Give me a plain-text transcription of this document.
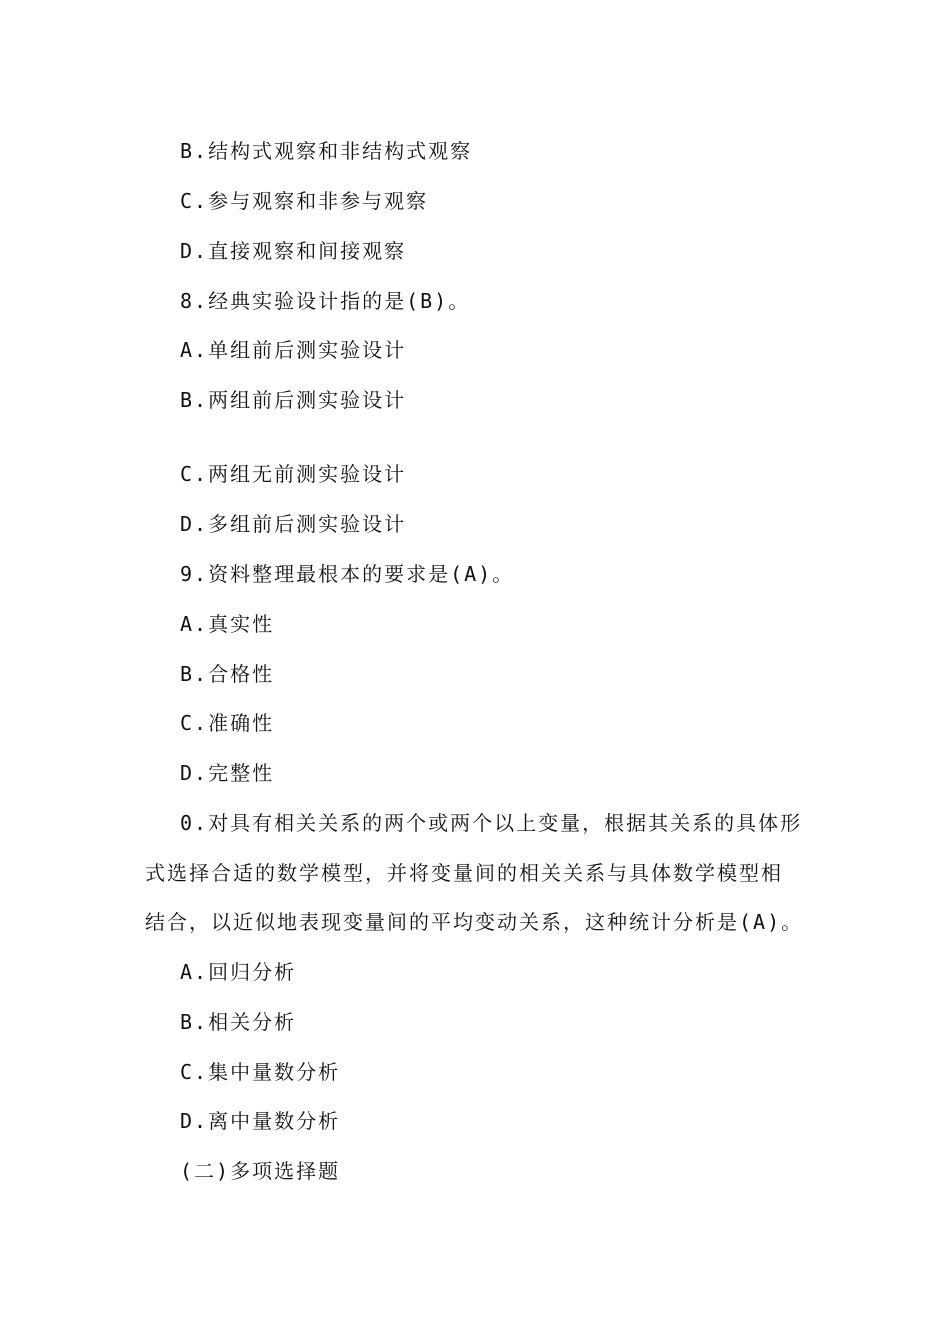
B.结构式观察和非结构式观察
C.参与观察和非参与观察
D.直接观察和间接观察
8.经典实验设计指的是(B)。
A.单组前后测实验设计
B.两组前后测实验设计
C.两组无前测实验设计
D.多组前后测实验设计
9.资料整理最根本的要求是(A)。
A.真实性
B.合格性
C.准确性
D.完整性
0.对具有相关关系的两个或两个以上变量，根据其关系的具体形
式选择合适的数学模型，并将变量间的相关关系与具体数学模型相
结合，以近似地表现变量间的平均变动关系，这种统计分析是(A)。
A.回归分析
B.相关分析
C.集中量数分析
D.离中量数分析
(二)多项选择题
